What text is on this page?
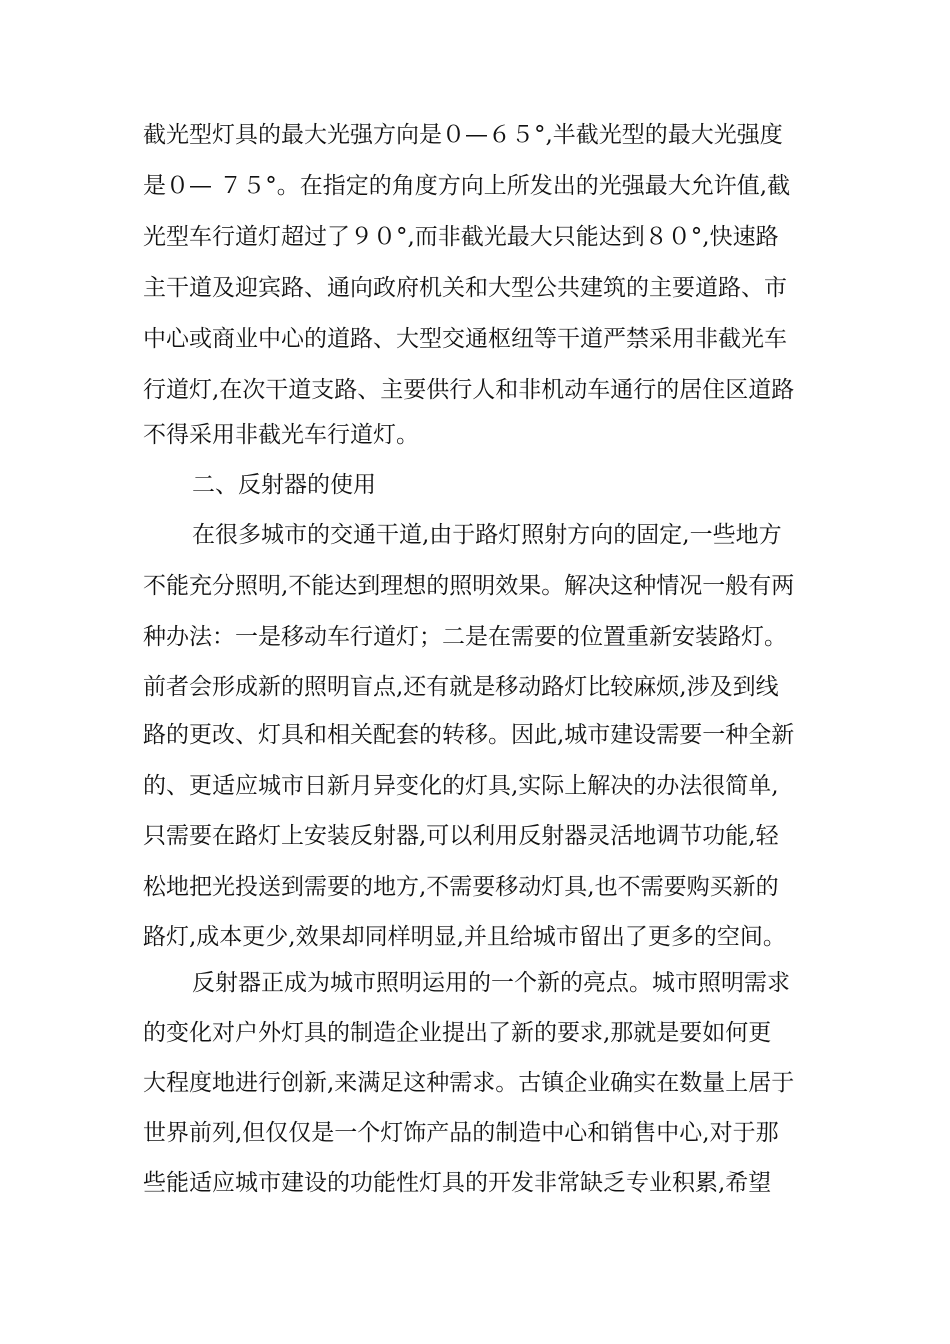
截光型灯具的最大光强方向是０—６５°,半截光型的最大光强度
是０— ７５°。在指定的角度方向上所发出的光强最大允许值,截
光型车行道灯超过了９０°,而非截光最大只能达到８０°,快速路
主干道及迎宾路、通向政府机关和大型公共建筑的主要道路、市
中心或商业中心的道路、大型交通枢纽等干道严禁采用非截光车
行道灯,在次干道支路、主要供行人和非机动车通行的居住区道路
不得采用非截光车行道灯。
二、反射器的使用
在很多城市的交通干道,由于路灯照射方向的固定,一些地方
不能充分照明,不能达到理想的照明效果。解决这种情况一般有两
种办法：一是移动车行道灯；二是在需要的位置重新安装路灯。
前者会形成新的照明盲点,还有就是移动路灯比较麻烦,涉及到线
路的更改、灯具和相关配套的转移。因此,城市建设需要一种全新
的、更适应城市日新月异变化的灯具,实际上解决的办法很简单,
只需要在路灯上安装反射器,可以利用反射器灵活地调节功能,轻
松地把光投送到需要的地方,不需要移动灯具,也不需要购买新的
路灯,成本更少,效果却同样明显,并且给城市留出了更多的空间。
反射器正成为城市照明运用的一个新的亮点。城市照明需求
的变化对户外灯具的制造企业提出了新的要求,那就是要如何更
大程度地进行创新,来满足这种需求。古镇企业确实在数量上居于
世界前列,但仅仅是一个灯饰产品的制造中心和销售中心,对于那
些能适应城市建设的功能性灯具的开发非常缺乏专业积累,希望
